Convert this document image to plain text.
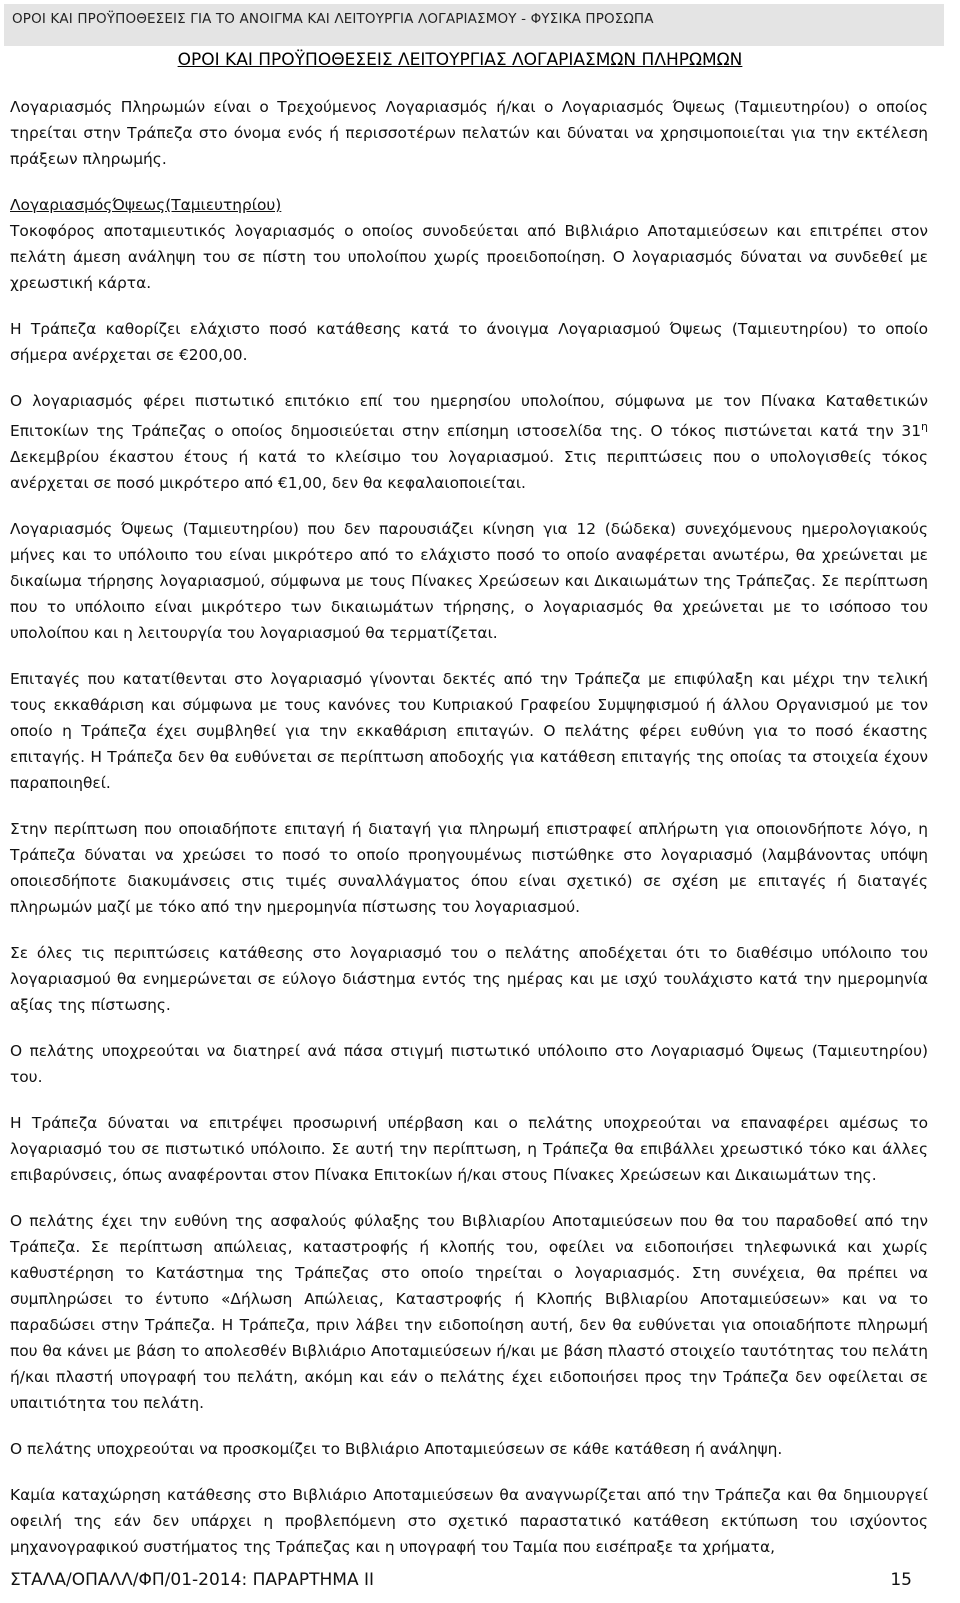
ΟΡΟΙ ΚΑΙ ΠΡΟΫΠΟΘΕΣΕΙΣ ΓΙΑ ΤΟ ΑΝΟΙΓΜΑ ΚΑΙ ΛΕΙΤΟΥΡΓΙΑ ΛΟΓΑΡΙΑΣΜΟΥ - ΦΥΣΙΚΑ ΠΡΟΣΩΠΑ
ΟΡΟΙ ΚΑΙ ΠΡΟΫΠΟΘΕΣΕΙΣ ΛΕΙΤΟΥΡΓΙΑΣ ΛΟΓΑΡΙΑΣΜΩΝ ΠΛΗΡΩΜΩΝ

Λογαριασμός Πληρωμών είναι ο Τρεχούμενος Λογαριασμός ή/και ο Λογαριασμός Όψεως (Ταμιευτηρίου) ο οποίος τηρείται στην Τράπεζα στο όνομα ενός ή περισσοτέρων πελατών και δύναται να χρησιμοποιείται για την εκτέλεση πράξεων πληρωμής.

ΛογαριασμόςΌψεως(Ταμιευτηρίου)
Τοκοφόρος αποταμιευτικός λογαριασμός ο οποίος συνοδεύεται από Βιβλιάριο Αποταμιεύσεων και επιτρέπει στον πελάτη άμεση ανάληψη του σε πίστη του υπολοίπου χωρίς προειδοποίηση. Ο λογαριασμός δύναται να συνδεθεί με χρεωστική κάρτα.

Η Τράπεζα καθορίζει ελάχιστο ποσό κατάθεσης κατά το άνοιγμα Λογαριασμού Όψεως (Ταμιευτηρίου) το οποίο σήμερα ανέρχεται σε €200,00.

Ο λογαριασμός φέρει πιστωτικό επιτόκιο επί του ημερησίου υπολοίπου, σύμφωνα με τον Πίνακα Καταθετικών Επιτοκίων της Τράπεζας ο οποίος δημοσιεύεται στην επίσημη ιστοσελίδα της. Ο τόκος πιστώνεται κατά την $31^\eta$ Δεκεμβρίου έκαστου έτους ή κατά το κλείσιμο του λογαριασμού. Στις περιπτώσεις που ο υπολογισθείς τόκος ανέρχεται σε ποσό μικρότερο από €1,00, δεν θα κεφαλαιοποιείται.

Λογαριασμός Όψεως (Ταμιευτηρίου) που δεν παρουσιάζει κίνηση για 12 (δώδεκα) συνεχόμενους ημερολογιακούς μήνες και το υπόλοιπο του είναι μικρότερο από το ελάχιστο ποσό το οποίο αναφέρεται ανωτέρω, θα χρεώνεται με δικαίωμα τήρησης λογαριασμού, σύμφωνα με τους Πίνακες Χρεώσεων και Δικαιωμάτων της Τράπεζας. Σε περίπτωση που το υπόλοιπο είναι μικρότερο των δικαιωμάτων τήρησης, ο λογαριασμός θα χρεώνεται με το ισόποσο του υπολοίπου και η λειτουργία του λογαριασμού θα τερματίζεται.

Επιταγές που κατατίθενται στο λογαριασμό γίνονται δεκτές από την Τράπεζα με επιφύλαξη και μέχρι την τελική τους εκκαθάριση και σύμφωνα με τους κανόνες του Κυπριακού Γραφείου Συμψηφισμού ή άλλου Οργανισμού με τον οποίο η Τράπεζα έχει συμβληθεί για την εκκαθάριση επιταγών. Ο πελάτης φέρει ευθύνη για το ποσό έκαστης επιταγής. Η Τράπεζα δεν θα ευθύνεται σε περίπτωση αποδοχής για κατάθεση επιταγής της οποίας τα στοιχεία έχουν παραποιηθεί.

Στην περίπτωση που οποιαδήποτε επιταγή ή διαταγή για πληρωμή επιστραφεί απλήρωτη για οποιονδήποτε λόγο, η Τράπεζα δύναται να χρεώσει το ποσό το οποίο προηγουμένως πιστώθηκε στο λογαριασμό (λαμβάνοντας υπόψη οποιεσδήποτε διακυμάνσεις στις τιμές συναλλάγματος όπου είναι σχετικό) σε σχέση με επιταγές ή διαταγές πληρωμών μαζί με τόκο από την ημερομηνία πίστωσης του λογαριασμού.

Σε όλες τις περιπτώσεις κατάθεσης στο λογαριασμό του ο πελάτης αποδέχεται ότι το διαθέσιμο υπόλοιπο του λογαριασμού θα ενημερώνεται σε εύλογο διάστημα εντός της ημέρας και με ισχύ τουλάχιστο κατά την ημερομηνία αξίας της πίστωσης.

Ο πελάτης υποχρεούται να διατηρεί ανά πάσα στιγμή πιστωτικό υπόλοιπο στο Λογαριασμό Όψεως (Ταμιευτηρίου) του.

Η Τράπεζα δύναται να επιτρέψει προσωρινή υπέρβαση και ο πελάτης υποχρεούται να επαναφέρει αμέσως το λογαριασμό του σε πιστωτικό υπόλοιπο. Σε αυτή την περίπτωση, η Τράπεζα θα επιβάλλει χρεωστικό τόκο και άλλες επιβαρύνσεις, όπως αναφέρονται στον Πίνακα Επιτοκίων ή/και στους Πίνακες Χρεώσεων και Δικαιωμάτων της.

Ο πελάτης έχει την ευθύνη της ασφαλούς φύλαξης του Βιβλιαρίου Αποταμιεύσεων που θα του παραδοθεί από την Τράπεζα. Σε περίπτωση απώλειας, καταστροφής ή κλοπής του, οφείλει να ειδοποιήσει τηλεφωνικά και χωρίς καθυστέρηση το Κατάστημα της Τράπεζας στο οποίο τηρείται ο λογαριασμός. Στη συνέχεια, θα πρέπει να συμπληρώσει το έντυπο «Δήλωση Απώλειας, Καταστροφής ή Κλοπής Βιβλιαρίου Αποταμιεύσεων» και να το παραδώσει στην Τράπεζα. Η Τράπεζα, πριν λάβει την ειδοποίηση αυτή, δεν θα ευθύνεται για οποιαδήποτε πληρωμή που θα κάνει με βάση το απολεσθέν Βιβλιάριο Αποταμιεύσεων ή/και με βάση πλαστό στοιχείο ταυτότητας του πελάτη ή/και πλαστή υπογραφή του πελάτη, ακόμη και εάν ο πελάτης έχει ειδοποιήσει προς την Τράπεζα δεν οφείλεται σε υπαιτιότητα του πελάτη.

Ο πελάτης υποχρεούται να προσκομίζει το Βιβλιάριο Αποταμιεύσεων σε κάθε κατάθεση ή ανάληψη.

Καμία καταχώρηση κατάθεσης στο Βιβλιάριο Αποταμιεύσεων θα αναγνωρίζεται από την Τράπεζα και θα δημιουργεί οφειλή της εάν δεν υπάρχει η προβλεπόμενη στο σχετικό παραστατικό κατάθεση εκτύπωση του ισχύοντος μηχανογραφικού συστήματος της Τράπεζας και η υπογραφή του Ταμία που εισέπραξε τα χρήματα,

ΣΤΑΛΑ/ΟΠΑΛΛ/ΦΠ/01-2014: ΠΑΡΑΡΤΗΜΑ ΙΙ	15
